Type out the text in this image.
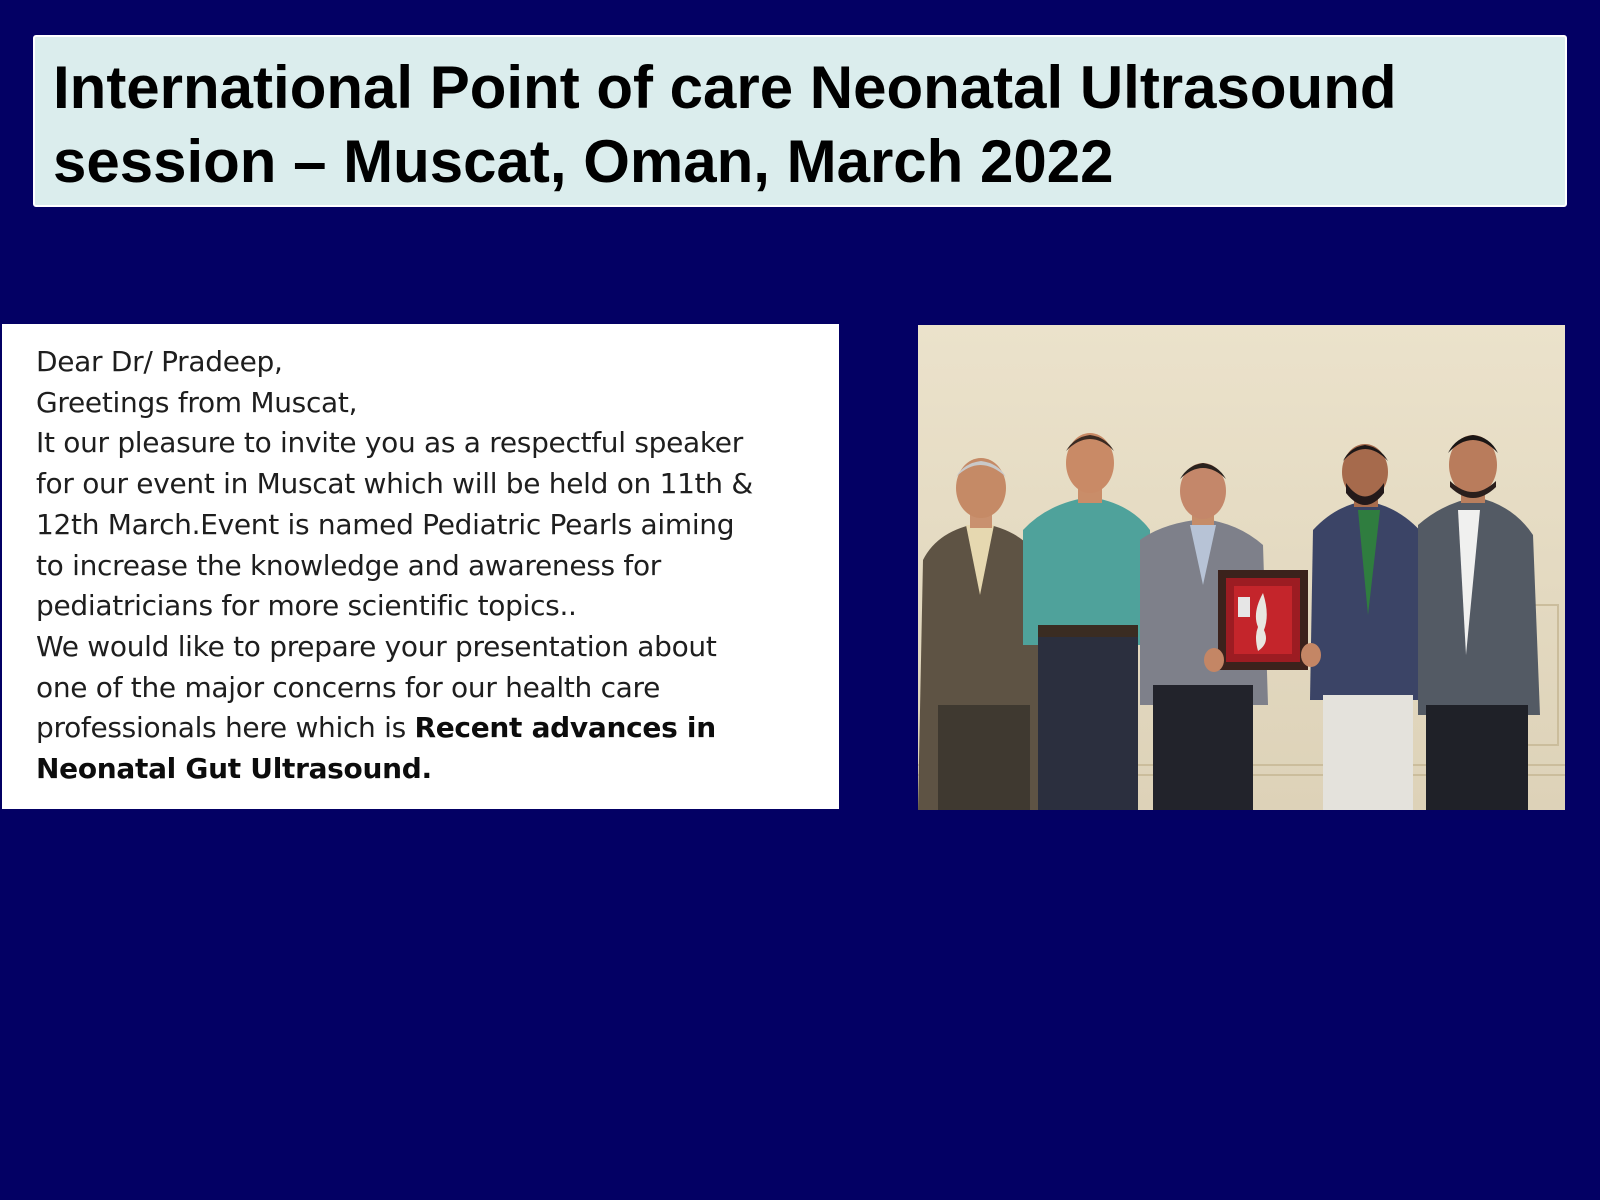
International Point of care Neonatal Ultrasound
session – Muscat, Oman, March 2022

Dear Dr/ Pradeep,
Greetings from Muscat,
It our pleasure to invite you as a respectful speaker
for our event in Muscat which will be held on 11th &
12th March.Event is named Pediatric Pearls aiming
to increase the knowledge and awareness for
pediatricians for more scientific topics..
We would like to prepare your presentation about
one of the major concerns for our health care
professionals here which is Recent advances in
Neonatal Gut Ultrasound.
